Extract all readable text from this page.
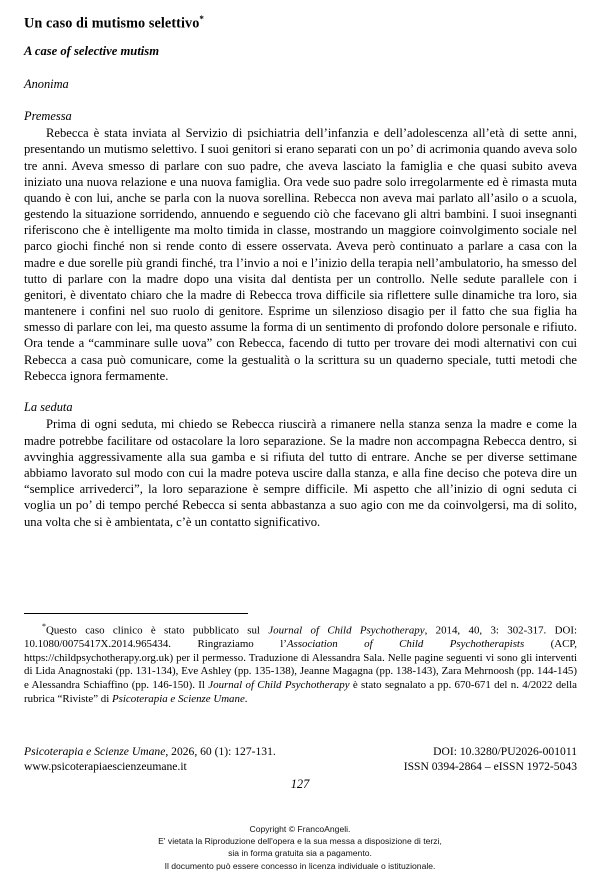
Un caso di mutismo selettivo*
A case of selective mutism
Anonima
Premessa

Rebecca è stata inviata al Servizio di psichiatria dell’infanzia e dell’adolescenza all’età di sette anni, presentando un mutismo selettivo. I suoi genitori si erano separati con un po’ di acrimonia quando aveva solo tre anni. Aveva smesso di parlare con suo padre, che aveva lasciato la famiglia e che quasi subito aveva iniziato una nuova relazione e una nuova famiglia. Ora vede suo padre solo irregolarmente ed è rimasta muta quando è con lui, anche se parla con la nuova sorellina. Rebecca non aveva mai parlato all’asilo o a scuola, gestendo la situazione sorridendo, annuendo e seguendo ciò che facevano gli altri bambini. I suoi insegnanti riferiscono che è intelligente ma molto timida in classe, mostrando un maggiore coinvolgimento sociale nel parco giochi finché non si rende conto di essere osservata. Aveva però continuato a parlare a casa con la madre e due sorelle più grandi finché, tra l’invio a noi e l’inizio della terapia nell’ambulatorio, ha smesso del tutto di parlare con la madre dopo una visita dal dentista per un controllo. Nelle sedute parallele con i genitori, è diventato chiaro che la madre di Rebecca trova difficile sia riflettere sulle dinamiche tra loro, sia mantenere i confini nel suo ruolo di genitore. Esprime un silenzioso disagio per il fatto che sua figlia ha smesso di parlare con lei, ma questo assume la forma di un sentimento di profondo dolore personale e rifiuto. Ora tende a “camminare sulle uova” con Rebecca, facendo di tutto per trovare dei modi alternativi con cui Rebecca a casa può comunicare, come la gestualità o la scrittura su un quaderno speciale, tutti metodi che Rebecca ignora fermamente.

La seduta

Prima di ogni seduta, mi chiedo se Rebecca riuscirà a rimanere nella stanza senza la madre e come la madre potrebbe facilitare od ostacolare la loro separazione. Se la madre non accompagna Rebecca dentro, si avvinghia aggressivamente alla sua gamba e si rifiuta del tutto di entrare. Anche se per diverse settimane abbiamo lavorato sul modo con cui la madre poteva uscire dalla stanza, e alla fine deciso che poteva dire un “semplice arrivederci”, la loro separazione è sempre difficile. Mi aspetto che all’inizio di ogni seduta ci voglia un po’ di tempo perché Rebecca si senta abbastanza a suo agio con me da coinvolgersi, ma di solito, una volta che si è ambientata, c’è un contatto significativo.

*Questo caso clinico è stato pubblicato sul Journal of Child Psychotherapy, 2014, 40, 3: 302-317. DOI: 10.1080/0075417X.2014.965434. Ringraziamo l’Association of Child Psychotherapists (ACP, https://childpsychotherapy.org.uk) per il permesso. Traduzione di Alessandra Sala. Nelle pagine seguenti vi sono gli interventi di Lida Anagnostaki (pp. 131-134), Eve Ashley (pp. 135-138), Jeanne Magagna (pp. 138-143), Zara Mehrnoosh (pp. 144-145) e Alessandra Schiaffino (pp. 146-150). Il Journal of Child Psychotherapy è stato segnalato a pp. 670-671 del n. 4/2022 della rubrica “Riviste” di Psicoterapia e Scienze Umane.

Psicoterapia e Scienze Umane, 2026, 60 (1): 127-131.	DOI: 10.3280/PU2026-001011
www.psicoterapiaescienzeumane.it	ISSN 0394-2864 – eISSN 1972-5043
127
Copyright © FrancoAngeli.
E' vietata la Riproduzione dell'opera e la sua messa a disposizione di terzi,
sia in forma gratuita sia a pagamento.
Il documento può essere concesso in licenza individuale o istituzionale.
